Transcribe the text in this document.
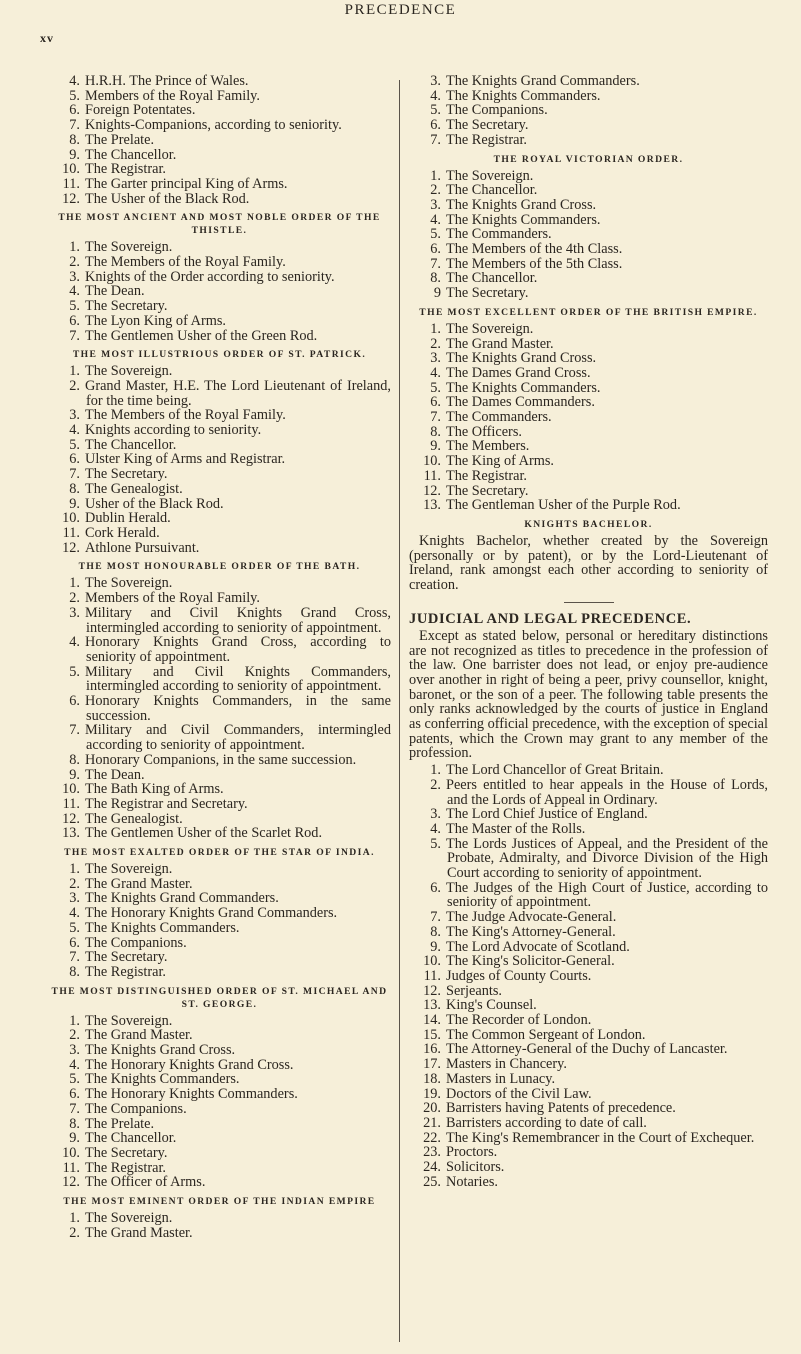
PRECEDENCE
xv
4. H.R.H. The Prince of Wales.
5. Members of the Royal Family.
6. Foreign Potentates.
7. Knights-Companions, according to seniority.
8. The Prelate.
9. The Chancellor.
10. The Registrar.
11. The Garter principal King of Arms.
12. The Usher of the Black Rod.
THE MOST ANCIENT AND MOST NOBLE ORDER OF THE THISTLE.
1. The Sovereign.
2. The Members of the Royal Family.
3. Knights of the Order according to seniority.
4. The Dean.
5. The Secretary.
6. The Lyon King of Arms.
7. The Gentlemen Usher of the Green Rod.
THE MOST ILLUSTRIOUS ORDER OF ST. PATRICK.
1. The Sovereign.
2. Grand Master, H.E. The Lord Lieutenant of Ireland, for the time being.
3. The Members of the Royal Family.
4. Knights according to seniority.
5. The Chancellor.
6. Ulster King of Arms and Registrar.
7. The Secretary.
8. The Genealogist.
9. Usher of the Black Rod.
10. Dublin Herald.
11. Cork Herald.
12. Athlone Pursuivant.
THE MOST HONOURABLE ORDER OF THE BATH.
1. The Sovereign.
2. Members of the Royal Family.
3. Military and Civil Knights Grand Cross, intermingled according to seniority of appointment.
4. Honorary Knights Grand Cross, according to seniority of appointment.
5. Military and Civil Knights Commanders, intermingled according to seniority of appointment.
6. Honorary Knights Commanders, in the same succession.
7. Military and Civil Commanders, intermingled according to seniority of appointment.
8. Honorary Companions, in the same succession.
9. The Dean.
10. The Bath King of Arms.
11. The Registrar and Secretary.
12. The Genealogist.
13. The Gentlemen Usher of the Scarlet Rod.
THE MOST EXALTED ORDER OF THE STAR OF INDIA.
1. The Sovereign.
2. The Grand Master.
3. The Knights Grand Commanders.
4. The Honorary Knights Grand Commanders.
5. The Knights Commanders.
6. The Companions.
7. The Secretary.
8. The Registrar.
THE MOST DISTINGUISHED ORDER OF ST. MICHAEL AND ST. GEORGE.
1. The Sovereign.
2. The Grand Master.
3. The Knights Grand Cross.
4. The Honorary Knights Grand Cross.
5. The Knights Commanders.
6. The Honorary Knights Commanders.
7. The Companions.
8. The Prelate.
9. The Chancellor.
10. The Secretary.
11. The Registrar.
12. The Officer of Arms.
THE MOST EMINENT ORDER OF THE INDIAN EMPIRE
1. The Sovereign.
2. The Grand Master.
3. The Knights Grand Commanders.
4. The Knights Commanders.
5. The Companions.
6. The Secretary.
7. The Registrar.
THE ROYAL VICTORIAN ORDER.
1. The Sovereign.
2. The Chancellor.
3. The Knights Grand Cross.
4. The Knights Commanders.
5. The Commanders.
6. The Members of the 4th Class.
7. The Members of the 5th Class.
8. The Chancellor.
9 The Secretary.
THE MOST EXCELLENT ORDER OF THE BRITISH EMPIRE.
1. The Sovereign.
2. The Grand Master.
3. The Knights Grand Cross.
4. The Dames Grand Cross.
5. The Knights Commanders.
6. The Dames Commanders.
7. The Commanders.
8. The Officers.
9. The Members.
10. The King of Arms.
11. The Registrar.
12. The Secretary.
13. The Gentleman Usher of the Purple Rod.
KNIGHTS BACHELOR.
Knights Bachelor, whether created by the Sovereign (personally or by patent), or by the Lord-Lieutenant of Ireland, rank amongst each other according to seniority of creation.
JUDICIAL AND LEGAL PRECEDENCE.
Except as stated below, personal or hereditary distinctions are not recognized as titles to precedence in the profession of the law. One barrister does not lead, or enjoy pre-audience over another in right of being a peer, privy counsellor, knight, baronet, or the son of a peer. The following table presents the only ranks acknowledged by the courts of justice in England as conferring official precedence, with the exception of special patents, which the Crown may grant to any member of the profession.
1. The Lord Chancellor of Great Britain.
2. Peers entitled to hear appeals in the House of Lords, and the Lords of Appeal in Ordinary.
3. The Lord Chief Justice of England.
4. The Master of the Rolls.
5. The Lords Justices of Appeal, and the President of the Probate, Admiralty, and Divorce Division of the High Court according to seniority of appointment.
6. The Judges of the High Court of Justice, according to seniority of appointment.
7. The Judge Advocate-General.
8. The King's Attorney-General.
9. The Lord Advocate of Scotland.
10. The King's Solicitor-General.
11. Judges of County Courts.
12. Serjeants.
13. King's Counsel.
14. The Recorder of London.
15. The Common Sergeant of London.
16. The Attorney-General of the Duchy of Lancaster.
17. Masters in Chancery.
18. Masters in Lunacy.
19. Doctors of the Civil Law.
20. Barristers having Patents of precedence.
21. Barristers according to date of call.
22. The King's Remembrancer in the Court of Exchequer.
23. Proctors.
24. Solicitors.
25. Notaries.
